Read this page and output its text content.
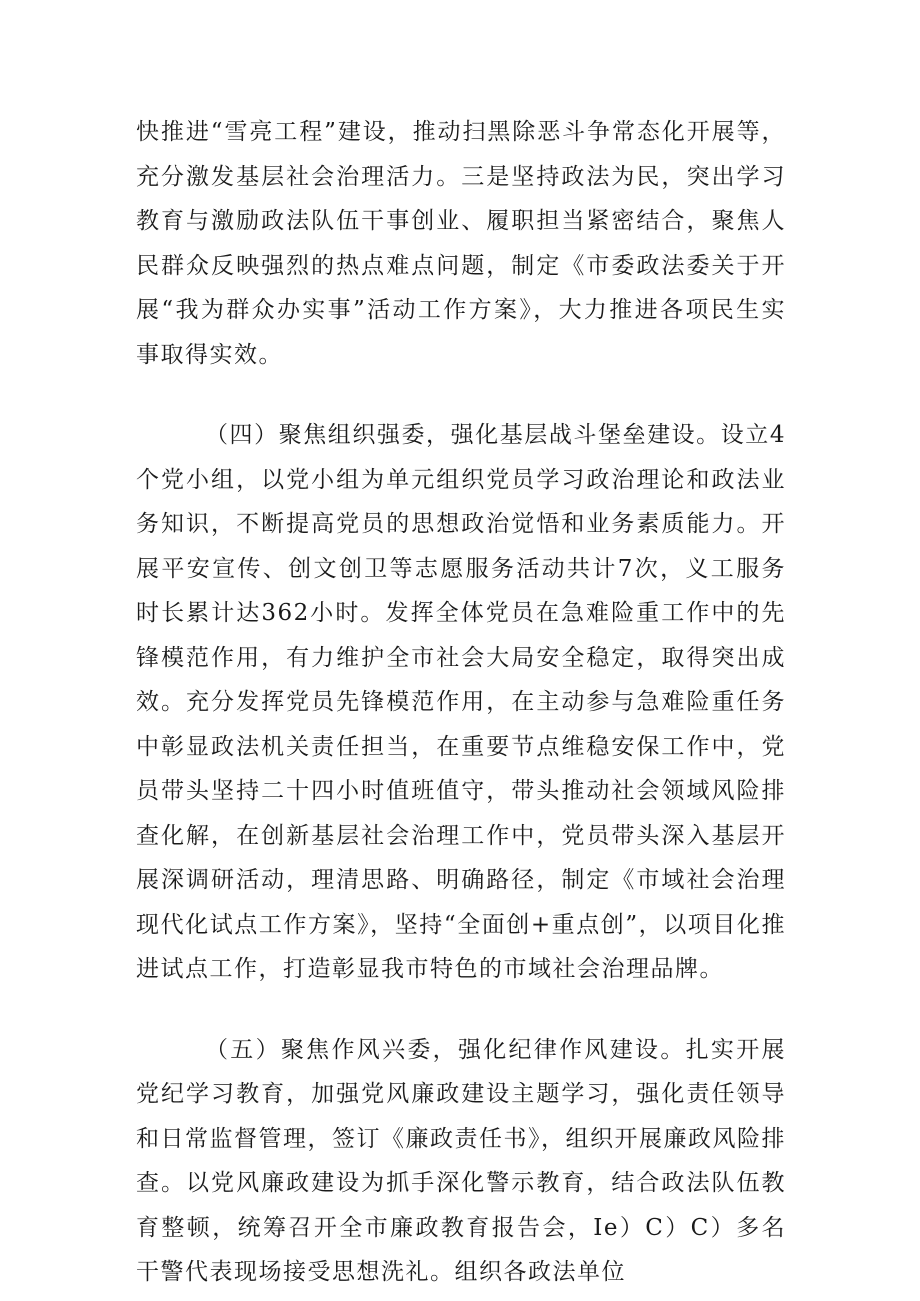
快推进“雪亮工程”建设，推动扫黑除恶斗争常态化开展等，充分激发基层社会治理活力。三是坚持政法为民，突出学习教育与激励政法队伍干事创业、履职担当紧密结合，聚焦人民群众反映强烈的热点难点问题，制定《市委政法委关于开展“我为群众办实事”活动工作方案》，大力推进各项民生实事取得实效。

（四）聚焦组织强委，强化基层战斗堡垒建设。设立4个党小组，以党小组为单元组织党员学习政治理论和政法业务知识，不断提高党员的思想政治觉悟和业务素质能力。开展平安宣传、创文创卫等志愿服务活动共计7次，义工服务时长累计达362小时。发挥全体党员在急难险重工作中的先锋模范作用，有力维护全市社会大局安全稳定，取得突出成效。充分发挥党员先锋模范作用，在主动参与急难险重任务中彰显政法机关责任担当，在重要节点维稳安保工作中，党员带头坚持二十四小时值班值守，带头推动社会领域风险排查化解，在创新基层社会治理工作中，党员带头深入基层开展深调研活动，理清思路、明确路径，制定《市域社会治理现代化试点工作方案》，坚持“全面创+重点创”，以项目化推进试点工作，打造彰显我市特色的市域社会治理品牌。

（五）聚焦作风兴委，强化纪律作风建设。扎实开展党纪学习教育，加强党风廉政建设主题学习，强化责任领导和日常监督管理，签订《廉政责任书》，组织开展廉政风险排查。以党风廉政建设为抓手深化警示教育，结合政法队伍教育整顿，统筹召开全市廉政教育报告会，Ie）C）C）多名干警代表现场接受思想洗礼。组织各政法单位
